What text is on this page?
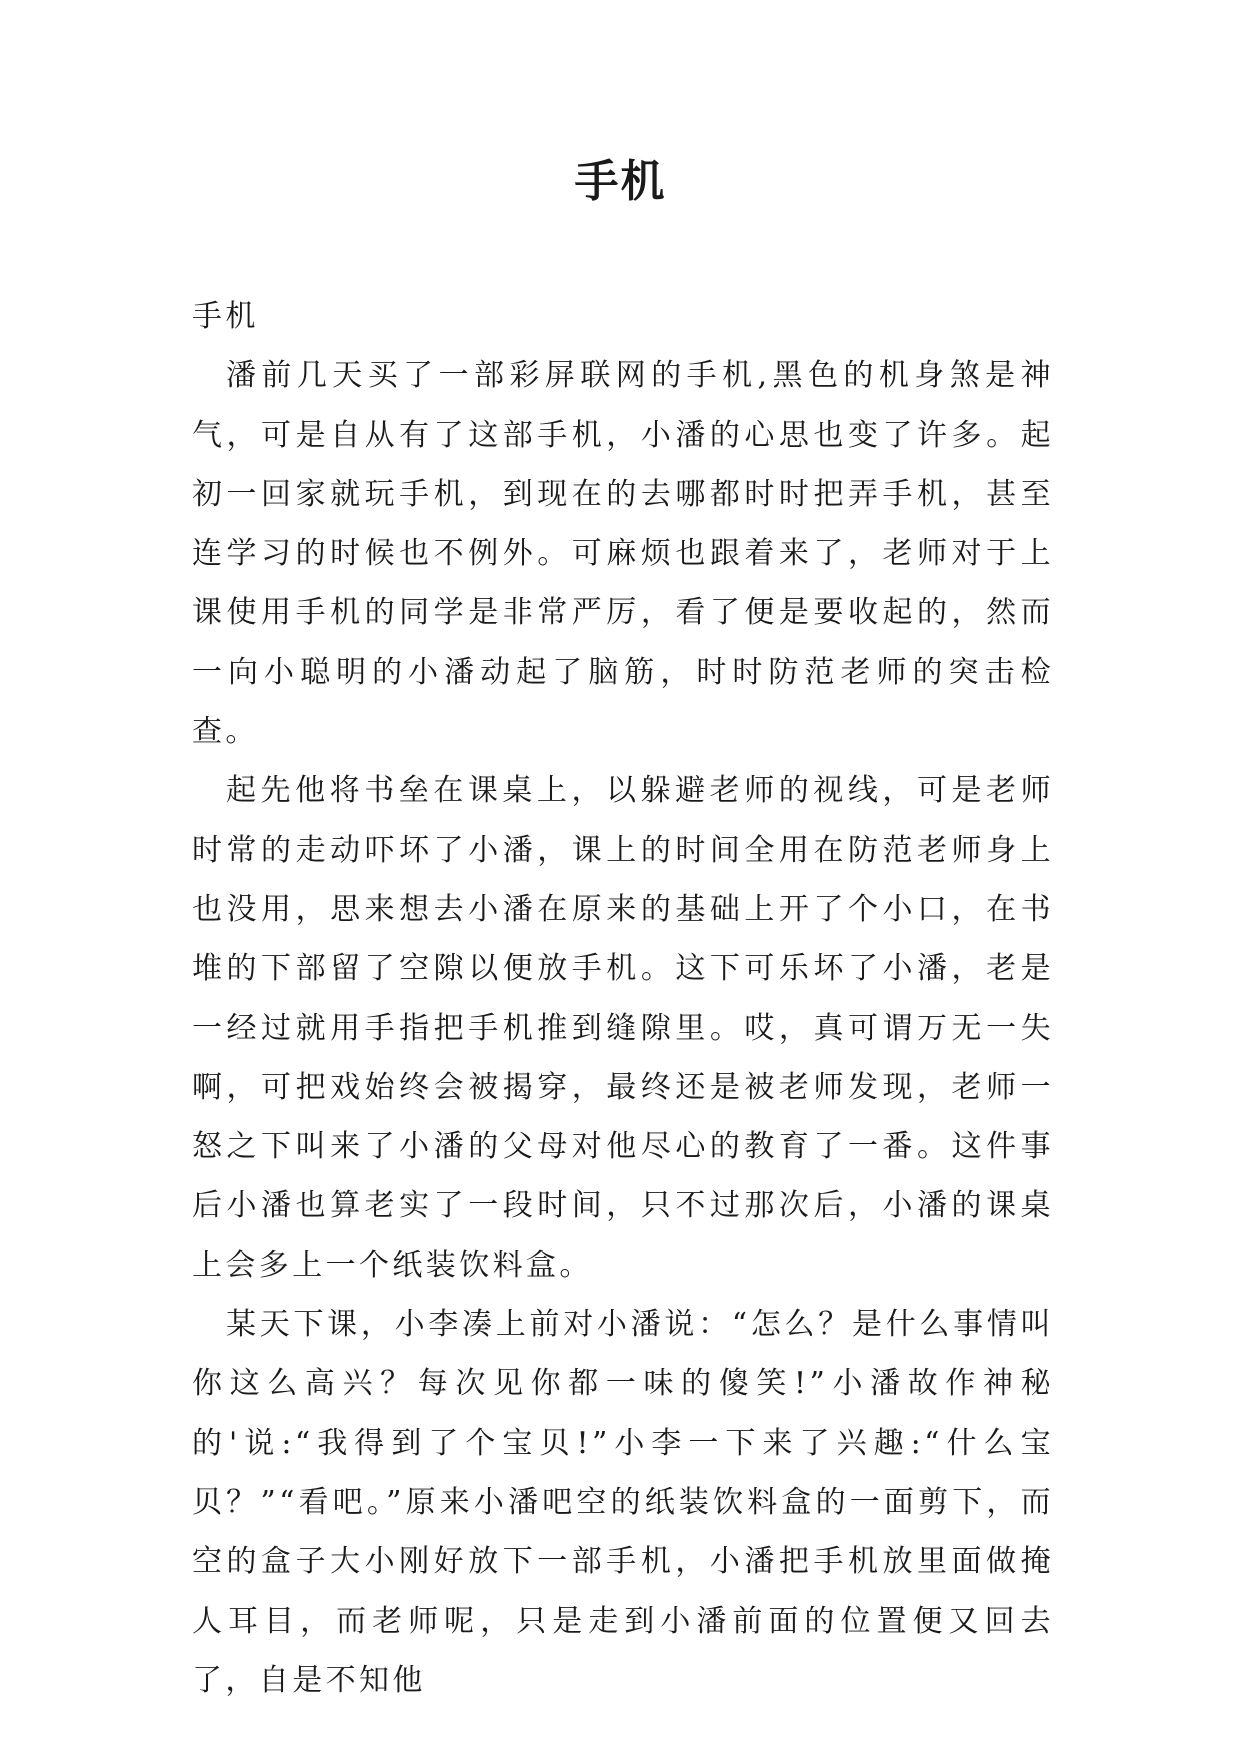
手机

手机

潘前几天买了一部彩屏联网的手机,黑色的机身煞是神气，可是自从有了这部手机，小潘的心思也变了许多。起初一回家就玩手机，到现在的去哪都时时把弄手机，甚至连学习的时候也不例外。可麻烦也跟着来了，老师对于上课使用手机的同学是非常严厉，看了便是要收起的，然而一向小聪明的小潘动起了脑筋，时时防范老师的突击检查。

起先他将书垒在课桌上，以躲避老师的视线，可是老师时常的走动吓坏了小潘，课上的时间全用在防范老师身上也没用，思来想去小潘在原来的基础上开了个小口，在书堆的下部留了空隙以便放手机。这下可乐坏了小潘，老是一经过就用手指把手机推到缝隙里。哎，真可谓万无一失啊，可把戏始终会被揭穿，最终还是被老师发现，老师一怒之下叫来了小潘的父母对他尽心的教育了一番。这件事后小潘也算老实了一段时间，只不过那次后，小潘的课桌上会多上一个纸装饮料盒。

某天下课，小李凑上前对小潘说：“怎么？是什么事情叫你这么高兴？每次见你都一味的傻笑!”小潘故作神秘的'说:“我得到了个宝贝!”小李一下来了兴趣:“什么宝贝？”“看吧。”原来小潘吧空的纸装饮料盒的一面剪下，而空的盒子大小刚好放下一部手机，小潘把手机放里面做掩人耳目，而老师呢，只是走到小潘前面的位置便又回去了，自是不知他
